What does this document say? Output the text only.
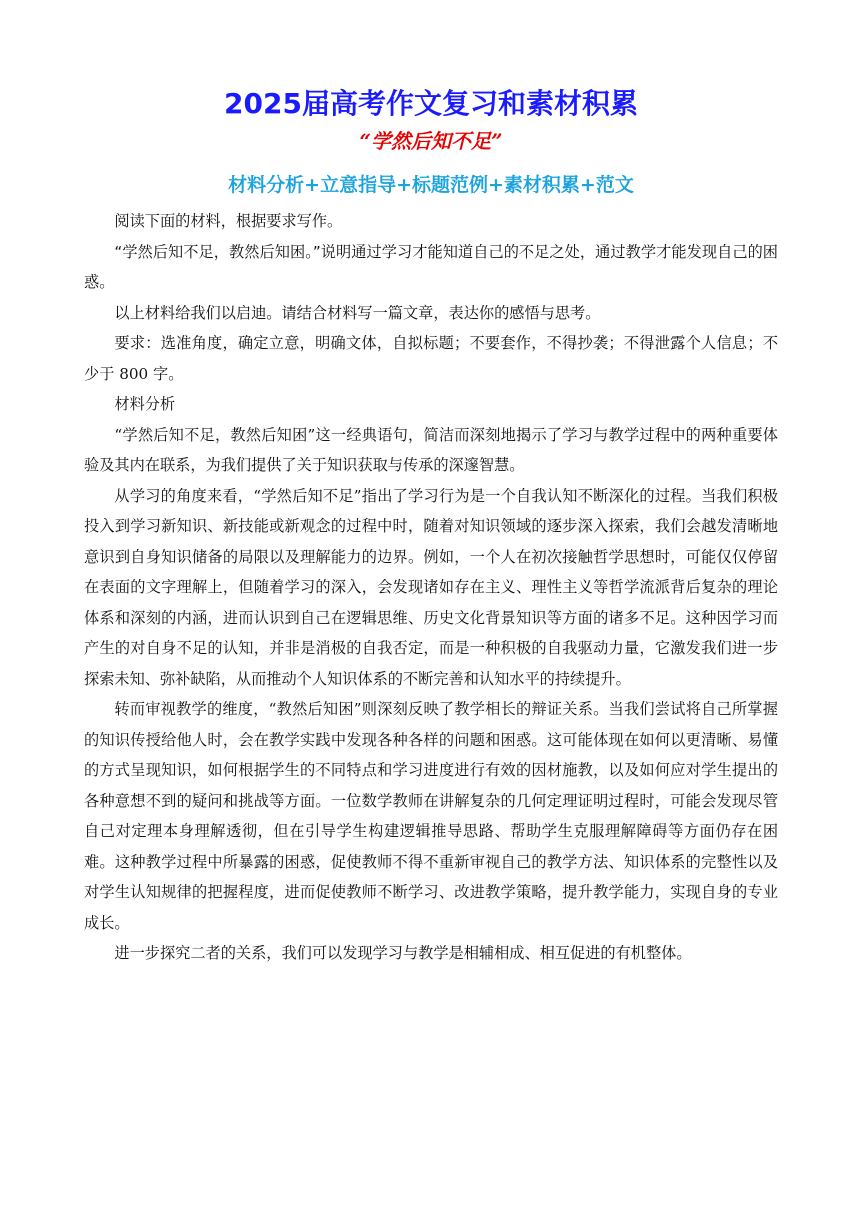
2025届高考作文复习和素材积累
“学然后知不足”
材料分析+立意指导+标题范例+素材积累+范文

阅读下面的材料，根据要求写作。

“学然后知不足，教然后知困。”说明通过学习才能知道自己的不足之处，通过教学才能发现自己的困惑。

以上材料给我们以启迪。请结合材料写一篇文章，表达你的感悟与思考。

要求：选准角度，确定立意，明确文体，自拟标题；不要套作，不得抄袭；不得泄露个人信息；不少于 800 字。

材料分析

“学然后知不足，教然后知困”这一经典语句，简洁而深刻地揭示了学习与教学过程中的两种重要体验及其内在联系，为我们提供了关于知识获取与传承的深邃智慧。

从学习的角度来看，“学然后知不足”指出了学习行为是一个自我认知不断深化的过程。当我们积极投入到学习新知识、新技能或新观念的过程中时，随着对知识领域的逐步深入探索，我们会越发清晰地意识到自身知识储备的局限以及理解能力的边界。例如，一个人在初次接触哲学思想时，可能仅仅停留在表面的文字理解上，但随着学习的深入，会发现诸如存在主义、理性主义等哲学流派背后复杂的理论体系和深刻的内涵，进而认识到自己在逻辑思维、历史文化背景知识等方面的诸多不足。这种因学习而产生的对自身不足的认知，并非是消极的自我否定，而是一种积极的自我驱动力量，它激发我们进一步探索未知、弥补缺陷，从而推动个人知识体系的不断完善和认知水平的持续提升。

转而审视教学的维度，“教然后知困”则深刻反映了教学相长的辩证关系。当我们尝试将自己所掌握的知识传授给他人时，会在教学实践中发现各种各样的问题和困惑。这可能体现在如何以更清晰、易懂的方式呈现知识，如何根据学生的不同特点和学习进度进行有效的因材施教，以及如何应对学生提出的各种意想不到的疑问和挑战等方面。一位数学教师在讲解复杂的几何定理证明过程时，可能会发现尽管自己对定理本身理解透彻，但在引导学生构建逻辑推导思路、帮助学生克服理解障碍等方面仍存在困难。这种教学过程中所暴露的困惑，促使教师不得不重新审视自己的教学方法、知识体系的完整性以及对学生认知规律的把握程度，进而促使教师不断学习、改进教学策略，提升教学能力，实现自身的专业成长。

进一步探究二者的关系，我们可以发现学习与教学是相辅相成、相互促进的有机整体。
